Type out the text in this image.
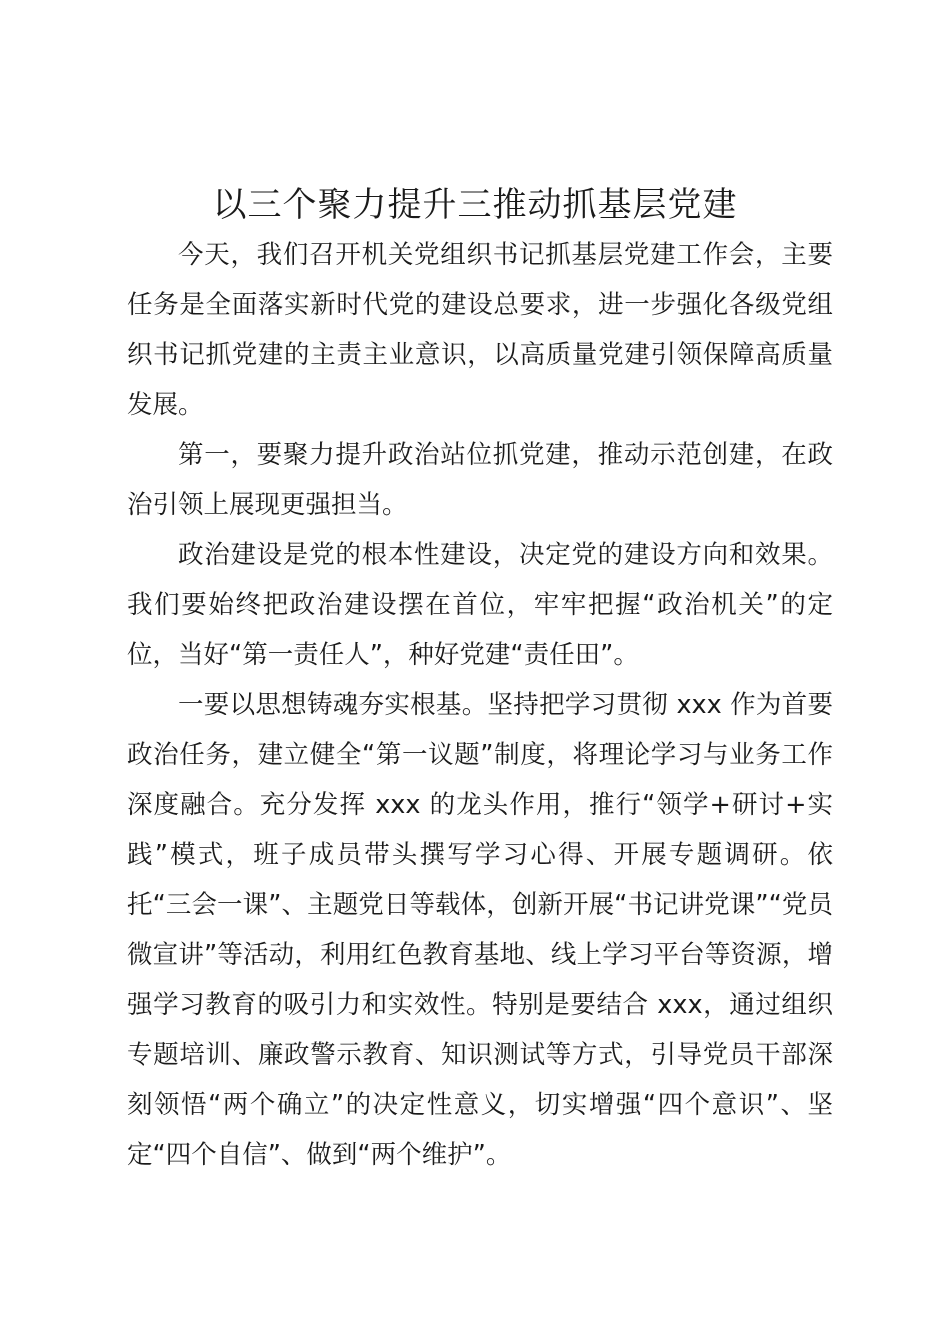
以三个聚力提升三推动抓基层党建

今天，我们召开机关党组织书记抓基层党建工作会，主要任务是全面落实新时代党的建设总要求，进一步强化各级党组织书记抓党建的主责主业意识，以高质量党建引领保障高质量发展。

第一，要聚力提升政治站位抓党建，推动示范创建，在政治引领上展现更强担当。

政治建设是党的根本性建设，决定党的建设方向和效果。我们要始终把政治建设摆在首位，牢牢把握“政治机关”的定位，当好“第一责任人”，种好党建“责任田”。

一要以思想铸魂夯实根基。坚持把学习贯彻 xxx 作为首要政治任务，建立健全“第一议题”制度，将理论学习与业务工作深度融合。充分发挥 xxx 的龙头作用，推行“领学+研讨+实践”模式，班子成员带头撰写学习心得、开展专题调研。依托“三会一课”、主题党日等载体，创新开展“书记讲党课”“党员微宣讲”等活动，利用红色教育基地、线上学习平台等资源，增强学习教育的吸引力和实效性。特别是要结合 xxx，通过组织专题培训、廉政警示教育、知识测试等方式，引导党员干部深刻领悟“两个确立”的决定性意义，切实增强“四个意识”、坚定“四个自信”、做到“两个维护”。
